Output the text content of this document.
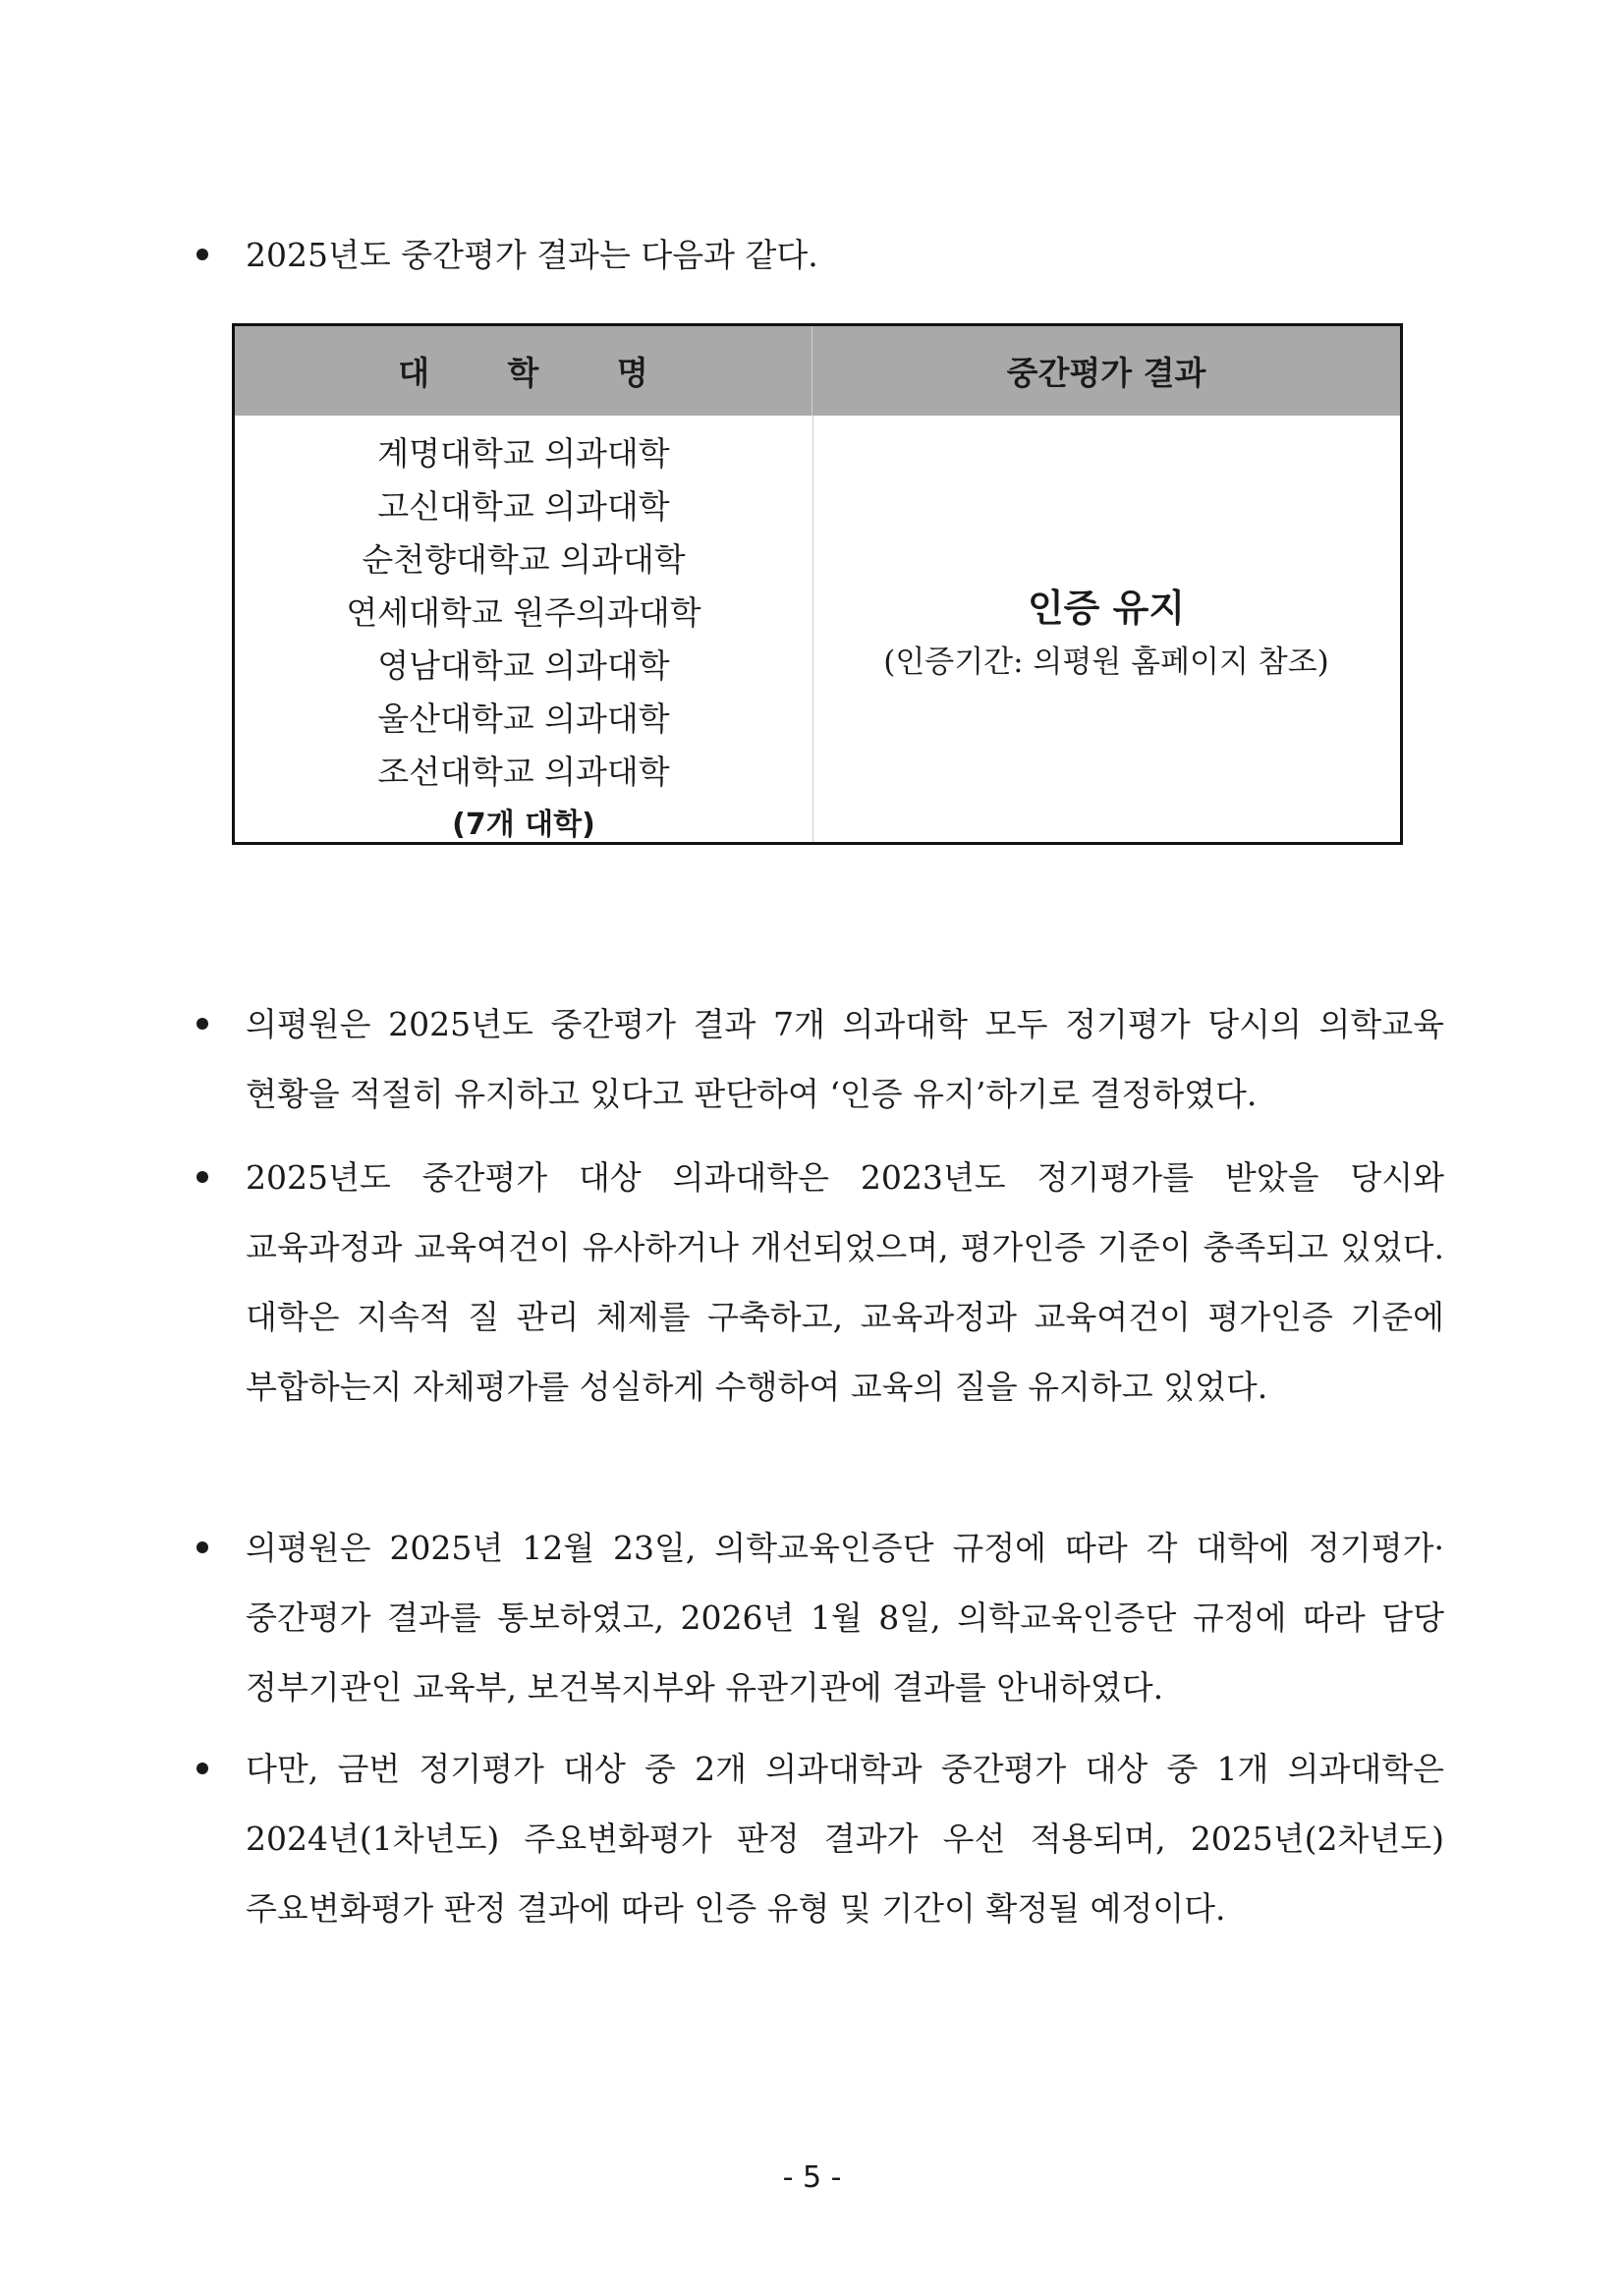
2025년도 중간평가 결과는 다음과 같다.
대 학 명	중간평가 결과
계명대학교 의과대학
고신대학교 의과대학
순천향대학교 의과대학
연세대학교 원주의과대학
영남대학교 의과대학
울산대학교 의과대학
조선대학교 의과대학
(7개 대학)
인증 유지
(인증기간: 의평원 홈페이지 참조)
의평원은 2025년도 중간평가 결과 7개 의과대학 모두 정기평가 당시의 의학교육 현황을 적절히 유지하고 있다고 판단하여 ‘인증 유지’하기로 결정하였다.
2025년도 중간평가 대상 의과대학은 2023년도 정기평가를 받았을 당시와 교육과정과 교육여건이 유사하거나 개선되었으며, 평가인증 기준이 충족되고 있었다. 대학은 지속적 질 관리 체제를 구축하고, 교육과정과 교육여건이 평가인증 기준에 부합하는지 자체평가를 성실하게 수행하여 교육의 질을 유지하고 있었다.
의평원은 2025년 12월 23일, 의학교육인증단 규정에 따라 각 대학에 정기평가·중간평가 결과를 통보하였고, 2026년 1월 8일, 의학교육인증단 규정에 따라 담당 정부기관인 교육부, 보건복지부와 유관기관에 결과를 안내하였다.
다만, 금번 정기평가 대상 중 2개 의과대학과 중간평가 대상 중 1개 의과대학은 2024년(1차년도) 주요변화평가 판정 결과가 우선 적용되며, 2025년(2차년도) 주요변화평가 판정 결과에 따라 인증 유형 및 기간이 확정될 예정이다.
- 5 -
